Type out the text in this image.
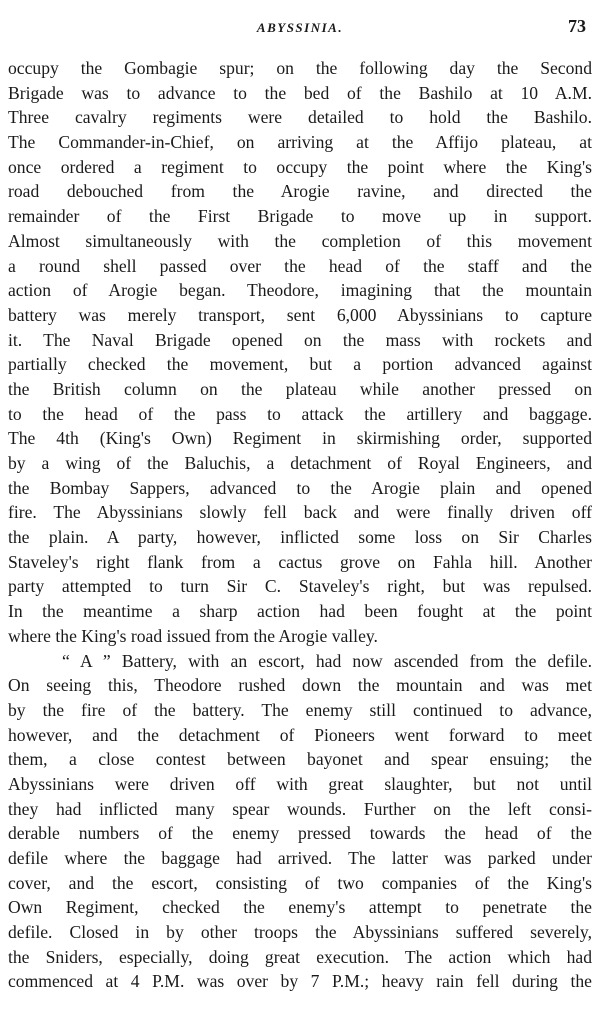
ABYSSINIA.	73
occupy the Gombagie spur; on the following day the Second
Brigade was to advance to the bed of the Bashilo at 10 A.M.
Three cavalry regiments were detailed to hold the Bashilo.
The Commander-in-Chief, on arriving at the Affijo plateau, at
once ordered a regiment to occupy the point where the King's
road debouched from the Arogie ravine, and directed the
remainder of the First Brigade to move up in support.
Almost simultaneously with the completion of this movement
a round shell passed over the head of the staff and the
action of Arogie began. Theodore, imagining that the mountain
battery was merely transport, sent 6,000 Abyssinians to capture
it. The Naval Brigade opened on the mass with rockets and
partially checked the movement, but a portion advanced against
the British column on the plateau while another pressed on
to the head of the pass to attack the artillery and baggage.
The 4th (King's Own) Regiment in skirmishing order, supported
by a wing of the Baluchis, a detachment of Royal Engineers, and
the Bombay Sappers, advanced to the Arogie plain and opened
fire. The Abyssinians slowly fell back and were finally driven off
the plain. A party, however, inflicted some loss on Sir Charles
Staveley's right flank from a cactus grove on Fahla hill. Another
party attempted to turn Sir C. Staveley's right, but was repulsed.
In the meantime a sharp action had been fought at the point
where the King's road issued from the Arogie valley.
“ A ” Battery, with an escort, had now ascended from the defile.
On seeing this, Theodore rushed down the mountain and was met
by the fire of the battery. The enemy still continued to advance,
however, and the detachment of Pioneers went forward to meet
them, a close contest between bayonet and spear ensuing; the
Abyssinians were driven off with great slaughter, but not until
they had inflicted many spear wounds. Further on the left consi-
derable numbers of the enemy pressed towards the head of the
defile where the baggage had arrived. The latter was parked under
cover, and the escort, consisting of two companies of the King's
Own Regiment, checked the enemy's attempt to penetrate the
defile. Closed in by other troops the Abyssinians suffered severely,
the Sniders, especially, doing great execution. The action which had
commenced at 4 P.M. was over by 7 P.M.; heavy rain fell during the
